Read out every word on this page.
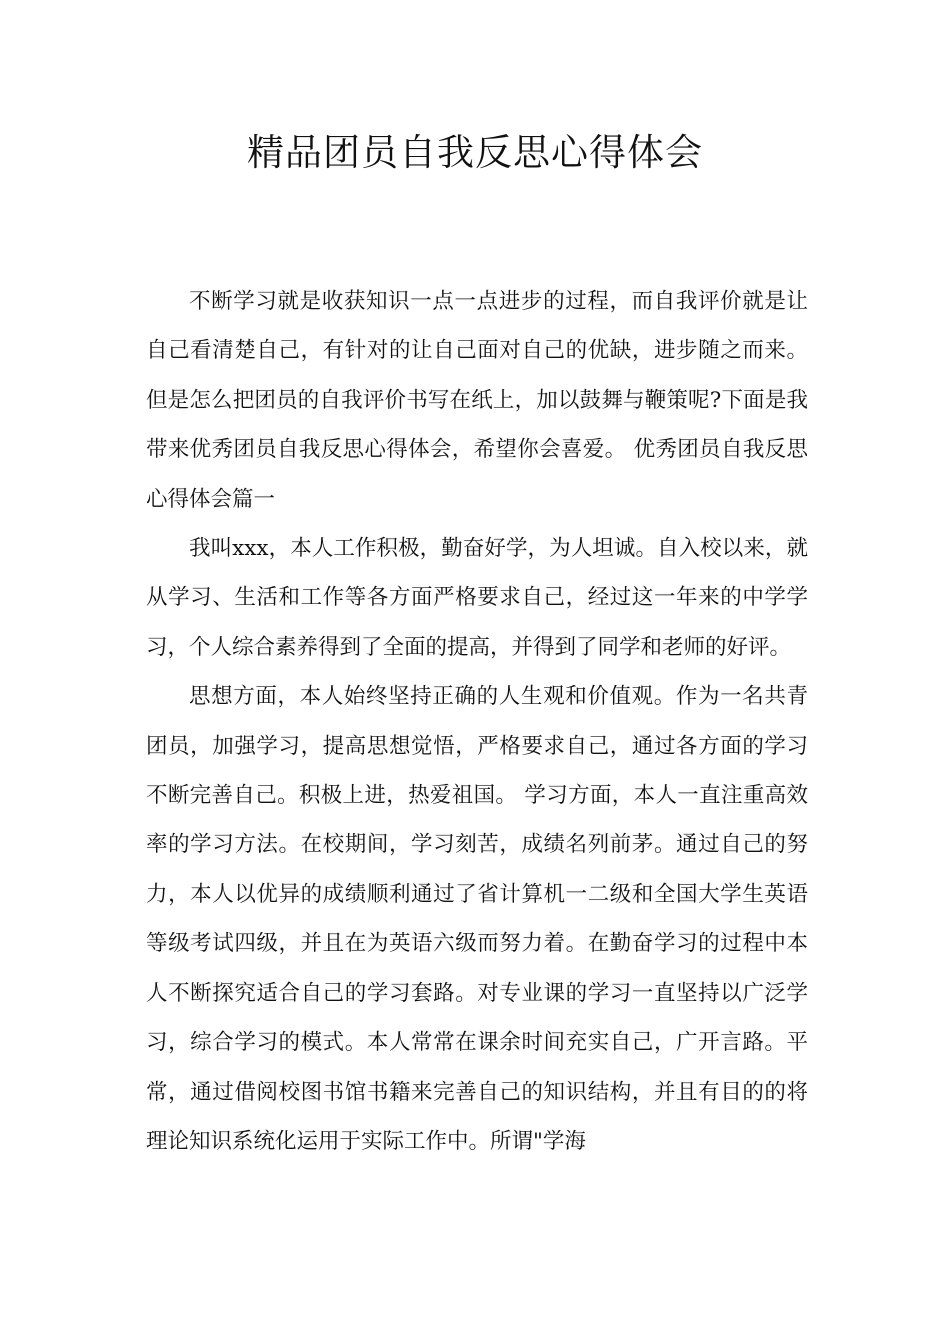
精品团员自我反思心得体会

不断学习就是收获知识一点一点进步的过程，而自我评价就是让自己看清楚自己，有针对的让自己面对自己的优缺，进步随之而来。但是怎么把团员的自我评价书写在纸上，加以鼓舞与鞭策呢?下面是我带来优秀团员自我反思心得体会，希望你会喜爱。 优秀团员自我反思心得体会篇一

我叫xxx，本人工作积极，勤奋好学，为人坦诚。自入校以来，就从学习、生活和工作等各方面严格要求自己，经过这一年来的中学学习，个人综合素养得到了全面的提高，并得到了同学和老师的好评。

思想方面，本人始终坚持正确的人生观和价值观。作为一名共青团员，加强学习，提高思想觉悟，严格要求自己，通过各方面的学习不断完善自己。积极上进，热爱祖国。 学习方面，本人一直注重高效率的学习方法。在校期间，学习刻苦，成绩名列前茅。通过自己的努力，本人以优异的成绩顺利通过了省计算机一二级和全国大学生英语等级考试四级，并且在为英语六级而努力着。在勤奋学习的过程中本人不断探究适合自己的学习套路。对专业课的学习一直坚持以广泛学习，综合学习的模式。本人常常在课余时间充实自己，广开言路。平常，通过借阅校图书馆书籍来完善自己的知识结构，并且有目的的将理论知识系统化运用于实际工作中。所谓"学海
